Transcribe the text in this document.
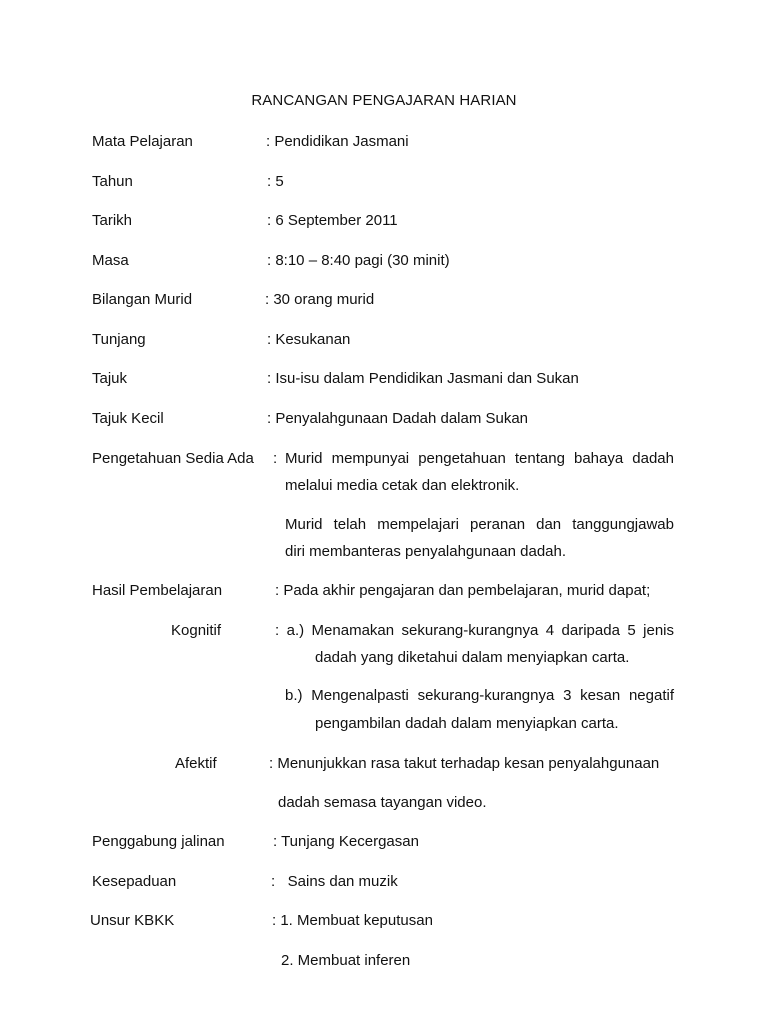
RANCANGAN PENGAJARAN HARIAN
Mata Pelajaran	: Pendidikan Jasmani
Tahun	: 5
Tarikh	: 6 September 2011
Masa	: 8:10 – 8:40 pagi (30 minit)
Bilangan Murid	: 30 orang murid
Tunjang	: Kesukanan
Tajuk	: Isu-isu dalam Pendidikan Jasmani dan Sukan
Tajuk Kecil	: Penyalahgunaan Dadah dalam Sukan
Pengetahuan Sedia Ada : Murid mempunyai pengetahuan tentang bahaya dadah
melalui media cetak dan elektronik.
Murid telah mempelajari peranan dan tanggungjawab
diri membanteras penyalahgunaan dadah.
Hasil Pembelajaran	: Pada akhir pengajaran dan pembelajaran, murid dapat;
Kognitif	: a.) Menamakan sekurang-kurangnya 4 daripada 5 jenis
dadah yang diketahui dalam menyiapkan carta.
b.) Mengenalpasti sekurang-kurangnya 3 kesan negatif
pengambilan dadah dalam menyiapkan carta.
Afektif	: Menunjukkan rasa takut terhadap kesan penyalahgunaan
dadah semasa tayangan video.
Penggabung jalinan	: Tunjang Kecergasan
Kesepaduan	:   Sains dan muzik
Unsur KBKK	: 1. Membuat keputusan
2. Membuat inferen
